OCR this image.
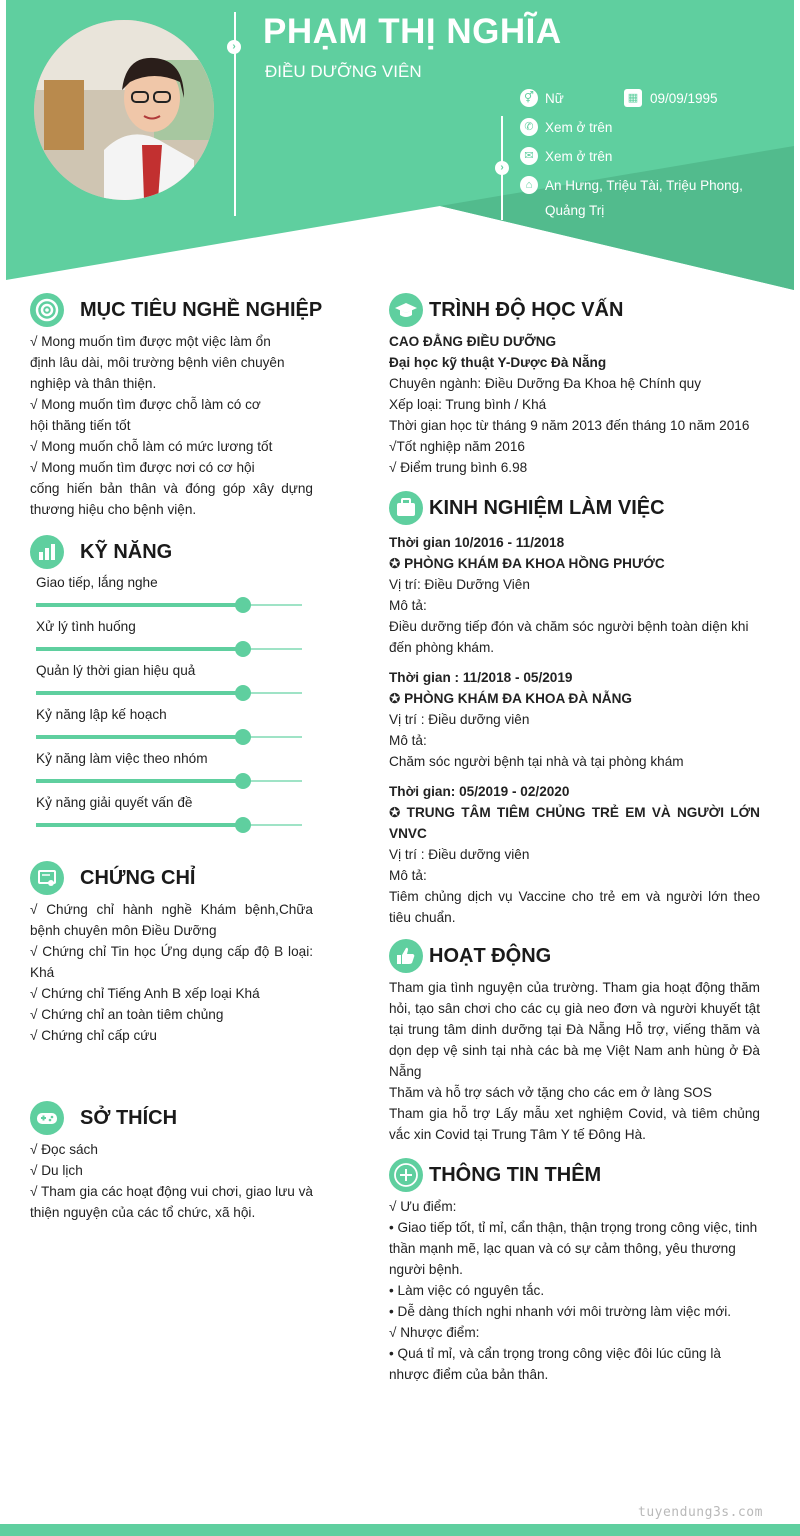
› PHẠM THỊ NGHĨA
ĐIỀU DƯỠNG VIÊN
›
⚥ Nữ	▦ 09/09/1995
✆ Xem ở trên
✉ Xem ở trên
⌂ An Hưng, Triệu Tài, Triệu Phong,
Quảng Trị
MỤC TIÊU NGHỀ NGHIỆP

√ Mong muốn tìm được một việc làm ổn

định lâu dài, môi trường bệnh viên chuyên

nghiệp và thân thiện.

√ Mong muốn tìm được chỗ làm có cơ

hội thăng tiến tốt

√ Mong muốn chỗ làm có mức lương tốt

√ Mong muốn tìm được nơi có cơ hội

cống hiến bản thân và đóng góp xây dựng

thương hiệu cho bệnh viện.

KỸ NĂNG
Giao tiếp, lắng nghe
Xử lý tình huống
Quản lý thời gian hiệu quả
Kỷ năng lập kế hoạch
Kỷ năng làm việc theo nhóm
Kỷ năng giải quyết vấn đề
CHỨNG CHỈ

√ Chứng chỉ hành nghề Khám bệnh,Chữa bệnh chuyên môn Điều Dưỡng

√ Chứng chỉ Tin học Ứng dụng cấp độ B loại: Khá

√ Chứng chỉ Tiếng Anh B xếp loại Khá

√ Chứng chỉ an toàn tiêm chủng

√ Chứng chỉ cấp cứu

SỞ THÍCH

√ Đọc sách

√ Du lịch

√ Tham gia các hoạt động vui chơi, giao lưu và thiện nguyện của các tổ chức, xã hội.

TRÌNH ĐỘ HỌC VẤN

CAO ĐẲNG ĐIỀU DƯỠNG

Đại học kỹ thuật Y-Dược Đà Nẵng

Chuyên ngành: Điều Dưỡng Đa Khoa hệ Chính quy

Xếp loại: Trung bình / Khá

Thời gian học từ tháng 9 năm 2013 đến tháng 10 năm 2016

√Tốt nghiệp năm 2016

√ Điểm trung bình 6.98

KINH NGHIỆM LÀM VIỆC

Thời gian 10/2016 - 11/2018

✪ PHÒNG KHÁM ĐA KHOA HỒNG PHƯỚC

Vị trí: Điều Dưỡng Viên

Mô tả:

Điều dưỡng tiếp đón và chăm sóc người bệnh toàn diện khi đến phòng khám.

Thời gian : 11/2018 - 05/2019

✪ PHÒNG KHÁM ĐA KHOA ĐÀ NẴNG

Vị trí : Điều dưỡng viên

Mô tả:

Chăm sóc người bệnh tại nhà và tại phòng khám

Thời gian: 05/2019 - 02/2020

✪ TRUNG TÂM TIÊM CHỦNG TRẺ EM VÀ NGƯỜI LỚN VNVC

Vị trí : Điều dưỡng viên

Mô tả:

Tiêm chủng dịch vụ Vaccine cho trẻ em và người lớn theo tiêu chuẩn.

HOẠT ĐỘNG

Tham gia tình nguyện của trường. Tham gia hoạt động thăm hỏi, tạo sân chơi cho các cụ già neo đơn và người khuyết tật tại trung tâm dinh dưỡng tại Đà Nẵng Hỗ trợ, viếng thăm và dọn dẹp vệ sinh tại nhà các bà mẹ Việt Nam anh hùng ở Đà Nẵng

Thăm và hỗ trợ sách vở tặng cho các em ở làng SOS

Tham gia hỗ trợ Lấy mẫu xet nghiệm Covid, và tiêm chủng vắc xin Covid tại Trung Tâm Y tế Đông Hà.

THÔNG TIN THÊM

√ Ưu điểm:

• Giao tiếp tốt, tỉ mỉ, cẩn thận, thận trọng trong công việc, tinh thần mạnh mẽ, lạc quan và có sự cảm thông, yêu thương người bệnh.

• Làm việc có nguyên tắc.

• Dễ dàng thích nghi nhanh với môi trường làm việc mới.

√ Nhược điểm:

• Quá tỉ mỉ, và cẩn trọng trong công việc đôi lúc cũng là nhược điểm của bản thân.

tuyendung3s.com
